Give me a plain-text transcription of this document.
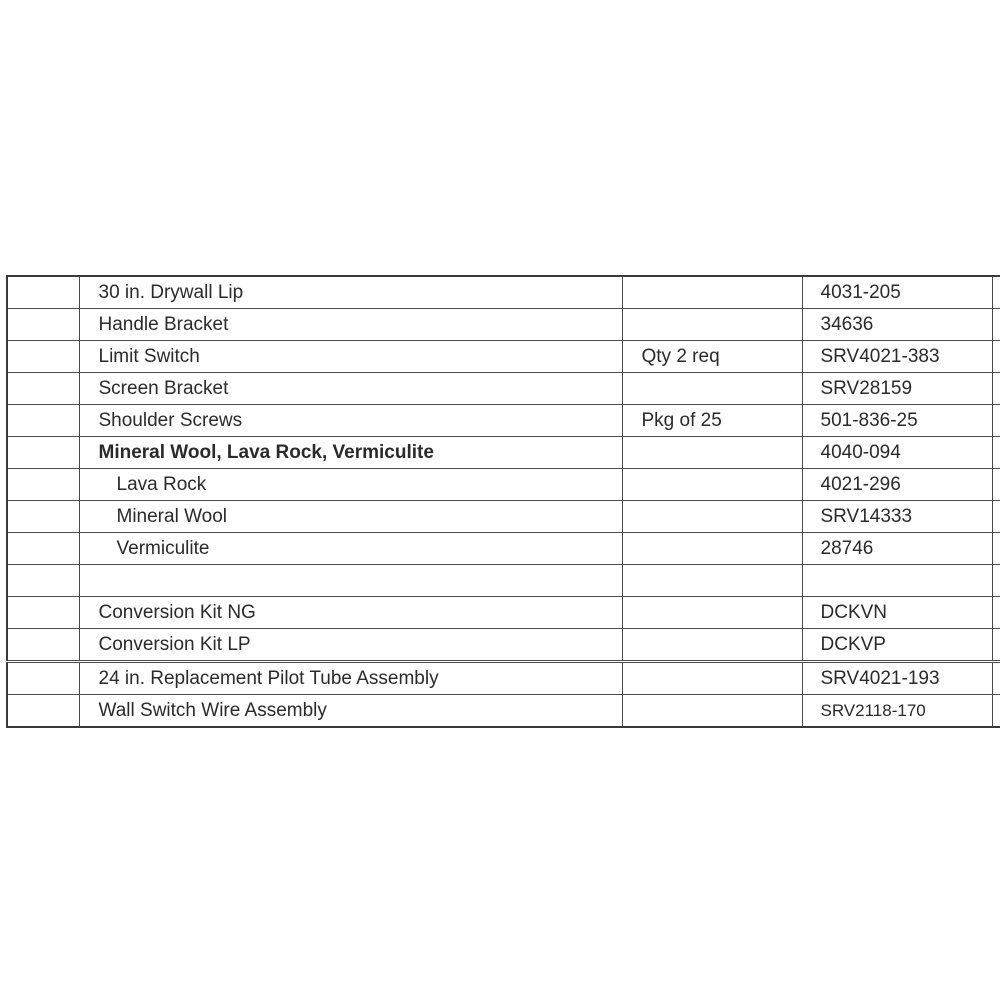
	30 in. Drywall Lip		4031-205	
	Handle Bracket		34636	
	Limit Switch	Qty 2 req	SRV4021-383	
	Screen Bracket		SRV28159	
	Shoulder Screws	Pkg of 25	501-836-25	
	Mineral Wool, Lava Rock, Vermiculite		4040-094	
	Lava Rock		4021-296	
	Mineral Wool		SRV14333	
	Vermiculite		28746	

	Conversion Kit NG		DCKVN	
	Conversion Kit LP		DCKVP	
	24 in. Replacement Pilot Tube Assembly		SRV4021-193	
	Wall Switch Wire Assembly		SRV2118-170	
